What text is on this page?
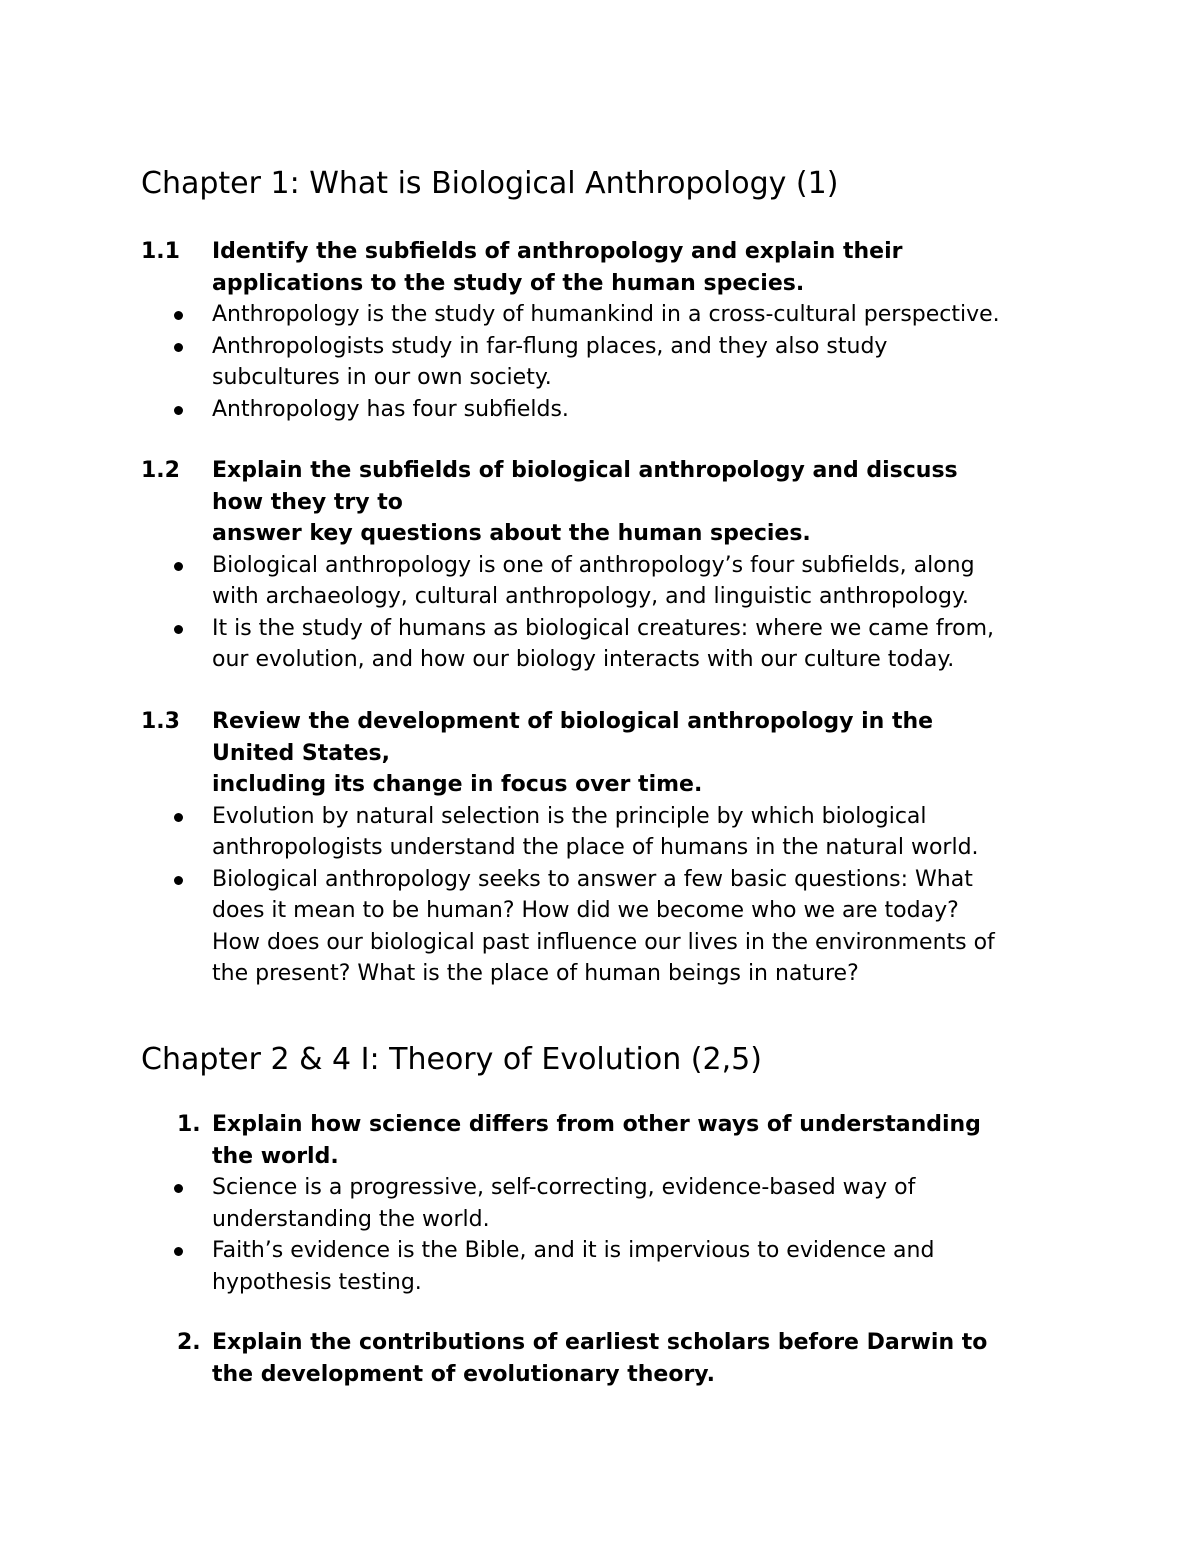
Chapter 1: What is Biological Anthropology (1)
1.1 Identify the subfields of anthropology and explain their
applications to the study of the human species.
Anthropology is the study of humankind in a cross-cultural perspective.
Anthropologists study in far-flung places, and they also study
subcultures in our own society.
Anthropology has four subfields.
1.2 Explain the subfields of biological anthropology and discuss
how they try to
answer key questions about the human species.
Biological anthropology is one of anthropology’s four subfields, along
with archaeology, cultural anthropology, and linguistic anthropology.
It is the study of humans as biological creatures: where we came from,
our evolution, and how our biology interacts with our culture today.
1.3 Review the development of biological anthropology in the
United States,
including its change in focus over time.
Evolution by natural selection is the principle by which biological
anthropologists understand the place of humans in the natural world.
Biological anthropology seeks to answer a few basic questions: What
does it mean to be human? How did we become who we are today?
How does our biological past influence our lives in the environments of
the present? What is the place of human beings in nature?
Chapter 2 & 4 I: Theory of Evolution (2,5)
1. Explain how science differs from other ways of understanding
the world.
Science is a progressive, self-correcting, evidence-based way of
understanding the world.
Faith’s evidence is the Bible, and it is impervious to evidence and
hypothesis testing.
2. Explain the contributions of earliest scholars before Darwin to
the development of evolutionary theory.
